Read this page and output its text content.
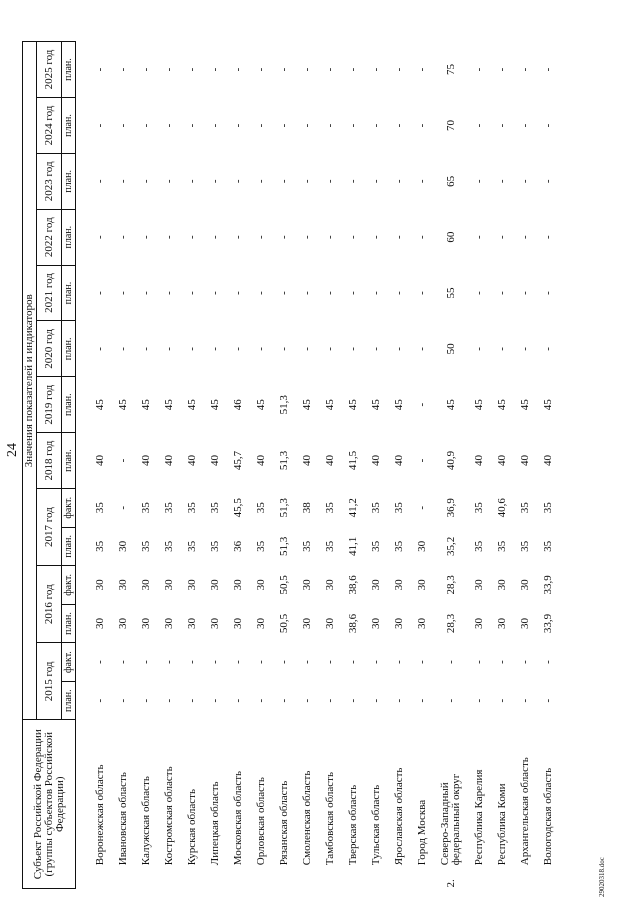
24
Субъект Российской Федерации (группы субъектов Российской Федерации)		Значения показателей и индикаторов													
		2015 год		2016 год		2017 год		2018 год	2019 год	2020 год	2021 год	2022 год	2023 год	2024 год	2025 год
		план.	факт.	план.	факт.	план.	факт.	план.	план.	план.	план.	план.	план.	план.	план.

	Воронежская область	-	-	30	30	35	35	40	45	-	-	-	-	-	-
	Ивановская область	-	-	30	30	30	-	-	45	-	-	-	-	-	-
	Калужская область	-	-	30	30	35	35	40	45	-	-	-	-	-	-
	Костромская область	-	-	30	30	35	35	40	45	-	-	-	-	-	-
	Курская область	-	-	30	30	35	35	40	45	-	-	-	-	-	-
	Липецкая область	-	-	30	30	35	35	40	45	-	-	-	-	-	-
	Московская область	-	-	30	30	36	45,5	45,7	46	-	-	-	-	-	-
	Орловская область	-	-	30	30	35	35	40	45	-	-	-	-	-	-
	Рязанская область	-	-	50,5	50,5	51,3	51,3	51,3	51,3	-	-	-	-	-	-
	Смоленская область	-	-	30	30	35	38	40	45	-	-	-	-	-	-
	Тамбовская область	-	-	30	30	35	35	40	45	-	-	-	-	-	-
	Тверская область	-	-	38,6	38,6	41,1	41,2	41,5	45	-	-	-	-	-	-
	Тульская область	-	-	30	30	35	35	40	45	-	-	-	-	-	-
	Ярославская область	-	-	30	30	35	35	40	45	-	-	-	-	-	-
	Город Москва	-	-	30	30	30	-	-	-	-	-	-	-	-	-
2.	Северо-Западный федеральный округ	-	-	28,3	28,3	35,2	36,9	40,9	45	50	55	60	65	70	75
	Республика Карелия	-	-	30	30	35	35	40	45	-	-	-	-	-	-
	Республика Коми	-	-	30	30	35	40,6	40	45	-	-	-	-	-	-
	Архангельская область	-	-	30	30	35	35	40	45	-	-	-	-	-	-
	Вологодская область	-	-	33,9	33,9	35	35	40	45	-	-	-	-	-	-
29020318.doc
